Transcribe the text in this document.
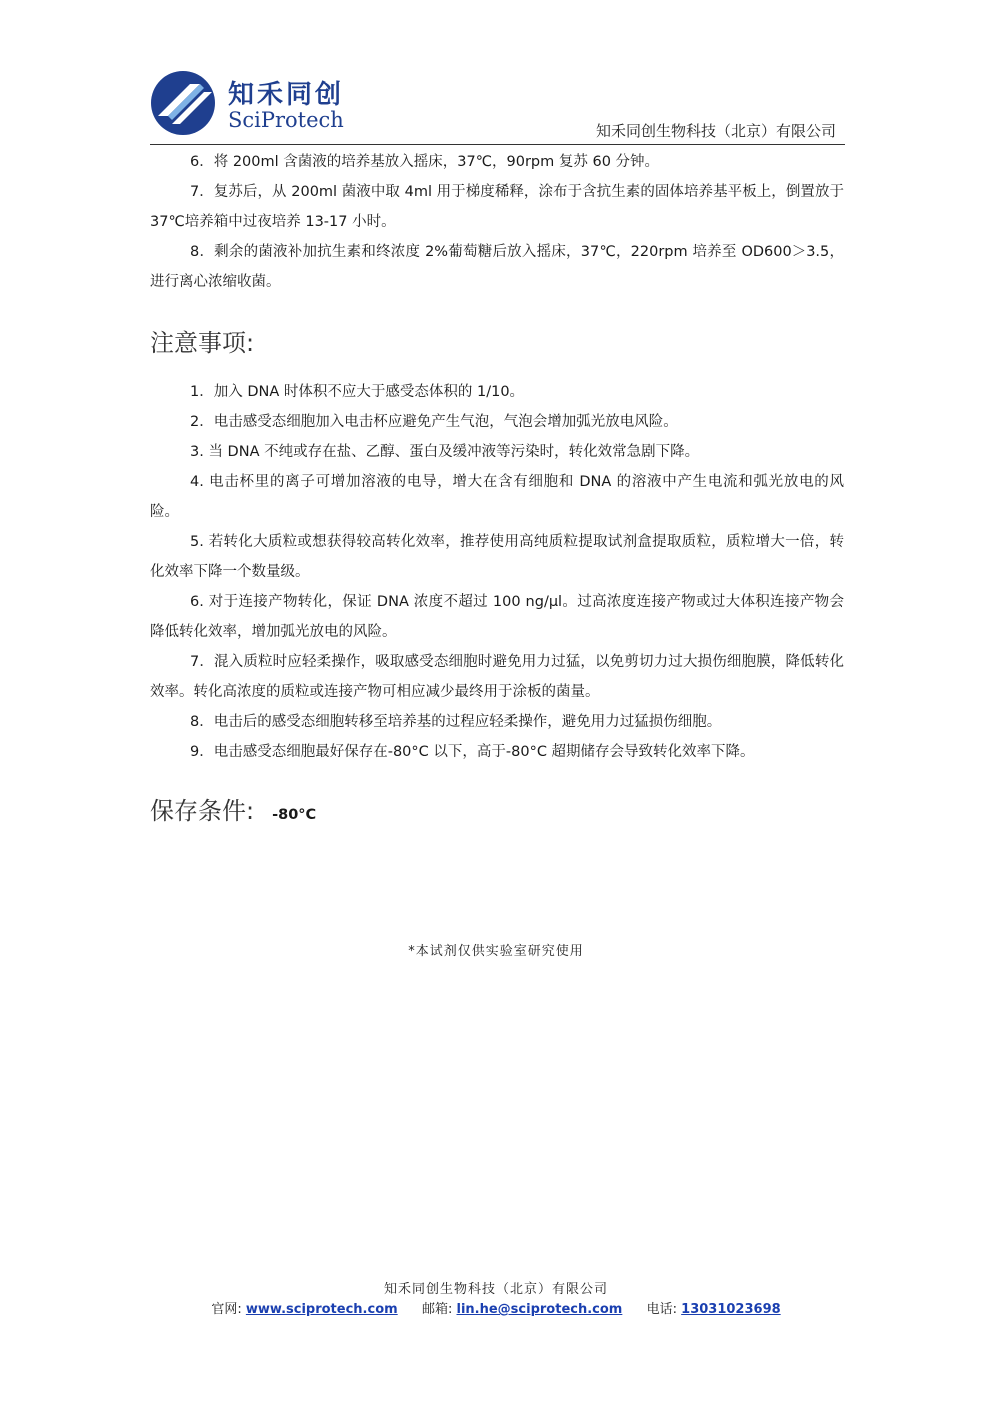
知禾同创
SciProtech	知禾同创生物科技（北京）有限公司

6．将 200ml 含菌液的培养基放入摇床，37℃，90rpm 复苏 60 分钟。

7．复苏后，从 200ml 菌液中取 4ml 用于梯度稀释，涂布于含抗生素的固体培养基平板上，倒置放于 37℃培养箱中过夜培养 13-17 小时。

8．剩余的菌液补加抗生素和终浓度 2%葡萄糖后放入摇床，37℃，220rpm 培养至 OD600＞3.5，进行离心浓缩收菌。

注意事项:

1．加入 DNA 时体积不应大于感受态体积的 1/10。

2．电击感受态细胞加入电击杯应避免产生气泡，气泡会增加弧光放电风险。

3. 当 DNA 不纯或存在盐、乙醇、蛋白及缓冲液等污染时，转化效常急剧下降。

4. 电击杯里的离子可增加溶液的电导，增大在含有细胞和 DNA 的溶液中产生电流和弧光放电的风险。

5. 若转化大质粒或想获得较高转化效率，推荐使用高纯质粒提取试剂盒提取质粒，质粒增大一倍，转化效率下降一个数量级。

6. 对于连接产物转化，保证 DNA 浓度不超过 100 ng/μl。过高浓度连接产物或过大体积连接产物会降低转化效率，增加弧光放电的风险。

7．混入质粒时应轻柔操作，吸取感受态细胞时避免用力过猛，以免剪切力过大损伤细胞膜，降低转化效率。转化高浓度的质粒或连接产物可相应减少最终用于涂板的菌量。

8．电击后的感受态细胞转移至培养基的过程应轻柔操作，避免用力过猛损伤细胞。

9．电击感受态细胞最好保存在-80°C 以下，高于-80°C 超期储存会导致转化效率下降。

保存条件: -80°C
*本试剂仅供实验室研究使用
知禾同创生物科技（北京）有限公司
官网: www.sciprotech.com 邮箱: lin.he@sciprotech.com 电话: 13031023698
